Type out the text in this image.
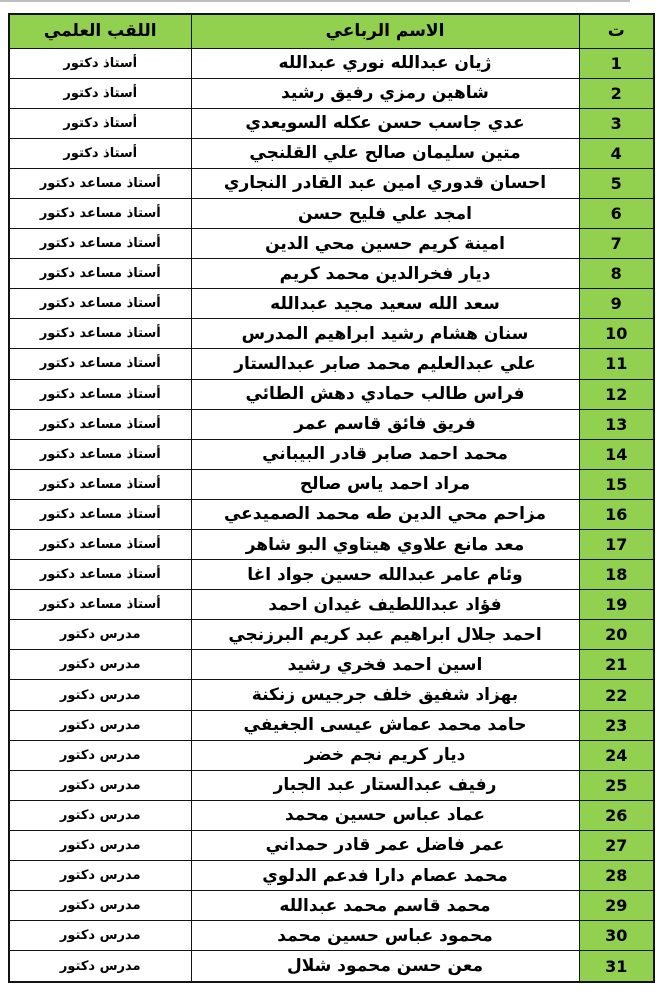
ت	الاسم الرباعي	اللقب العلمي
1	ژيان عبدالله نوري عبدالله	أستاذ دكتور
2	شاهين رمزي رفيق رشيد	أستاذ دكتور
3	عدي جاسب حسن عكله السويعدي	أستاذ دكتور
4	متين سليمان صالح علي القلنجي	أستاذ دكتور
5	احسان قدوري امين عبد القادر النجاري	أستاذ مساعد دكتور
6	امجد علي فليح حسن	أستاذ مساعد دكتور
7	امينة كريم حسين محي الدين	أستاذ مساعد دكتور
8	ديار فخرالدين محمد كريم	أستاذ مساعد دكتور
9	سعد الله سعيد مجيد عبدالله	أستاذ مساعد دكتور
10	سنان هشام رشيد ابراهيم المدرس	أستاذ مساعد دكتور
11	علي عبدالعليم محمد صابر عبدالستار	أستاذ مساعد دكتور
12	فراس طالب حمادي دهش الطائي	أستاذ مساعد دكتور
13	فريق فائق قاسم عمر	أستاذ مساعد دكتور
14	محمد احمد صابر قادر البيباني	أستاذ مساعد دكتور
15	مراد احمد ياس صالح	أستاذ مساعد دكتور
16	مزاحم محي الدين طه محمد الصميدعي	أستاذ مساعد دكتور
17	معد مانع علاوي هيتاوي البو شاهر	أستاذ مساعد دكتور
18	وئام عامر عبدالله حسين جواد اغا	أستاذ مساعد دكتور
19	فؤاد عبداللطيف غيدان احمد	أستاذ مساعد دكتور
20	احمد جلال ابراهيم عبد كريم البرزنجي	مدرس دكتور
21	اسين احمد فخري رشيد	مدرس دكتور
22	بهزاد شفيق خلف جرجيس زنكنة	مدرس دكتور
23	حامد محمد عماش عيسى الجغيفي	مدرس دكتور
24	ديار كريم نجم خضر	مدرس دكتور
25	رفيف عبدالستار عبد الجبار	مدرس دكتور
26	عماد عباس حسين محمد	مدرس دكتور
27	عمر فاضل عمر قادر حمداني	مدرس دكتور
28	محمد عصام دارا فدعم الدلوي	مدرس دكتور
29	محمد قاسم محمد عبدالله	مدرس دكتور
30	محمود عباس حسين محمد	مدرس دكتور
31	معن حسن محمود شلال	مدرس دكتور
